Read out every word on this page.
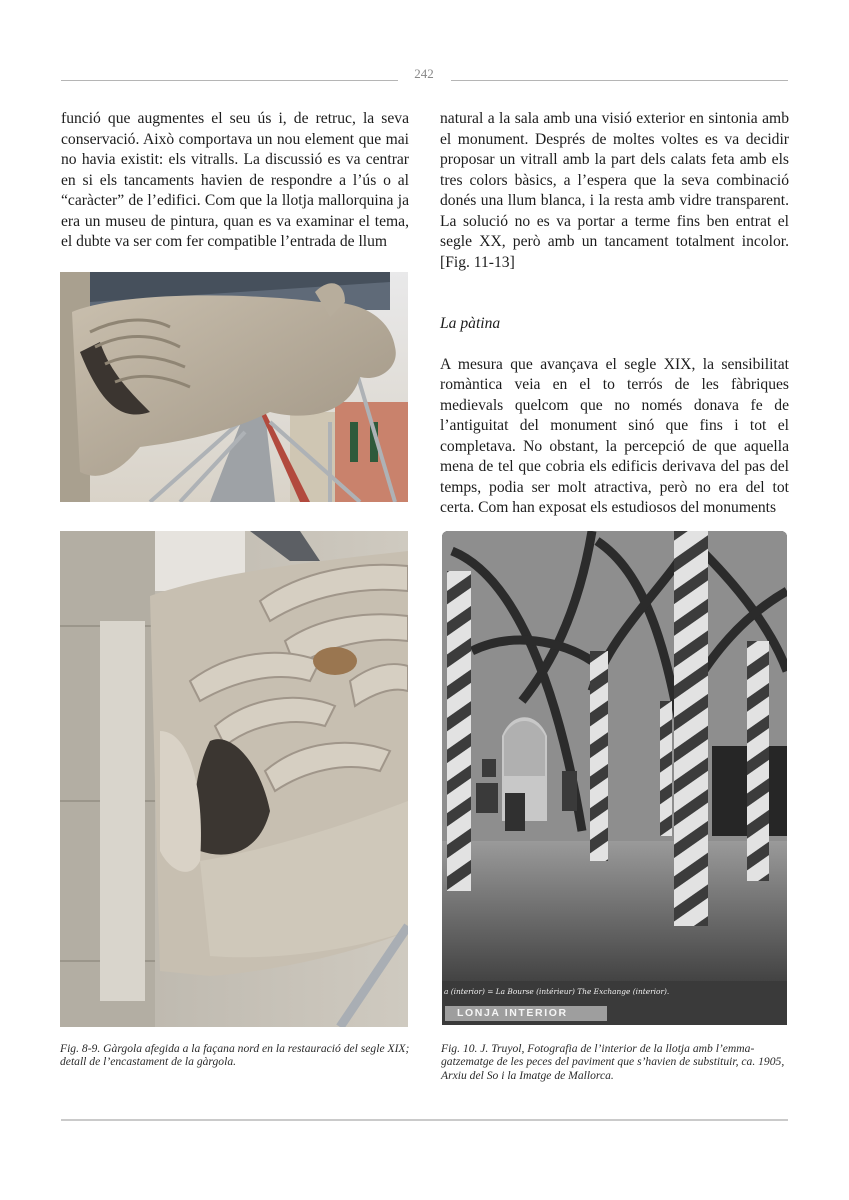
242

funció que augmentes el seu ús i, de retruc, la seva conservació. Això comportava un nou element que mai no havia existit: els vitralls. La discussió es va centrar en si els tancaments havien de respondre a l’ús o al “caràcter” de l’edifici. Com que la llotja mallorquina ja era un museu de pintura, quan es va examinar el tema, el dubte va ser com fer compatible l’entrada de llum

natural a la sala amb una visió exterior en sintonia amb el monument. Després de moltes voltes es va decidir proposar un vitrall amb la part dels calats feta amb els tres colors bàsics, a l’espera que la seva combinació donés una llum blanca, i la resta amb vidre transparent. La solució no es va portar a terme fins ben entrat el segle XX, però amb un tancament totalment incolor. [Fig. 11-13]

La pàtina

A mesura que avançava el segle XIX, la sensibilitat romàntica veia en el to terrós de les fàbriques medievals quelcom que no només donava fe de l’antiguitat del monument sinó que fins i tot el completava. No obstant, la percepció de que aquella mena de tel que cobria els edificis derivava del pas del temps, podia ser molt atractiva, però no era del tot certa. Com han exposat els estudiosos del monuments

Fig. 8-9. Gàrgola afegida a la façana nord en la restauració del segle XIX; detall de l’encastament de la gàrgola.
a (interior) = La Bourse (intérieur) The Exchange (interior).
LONJA INTERIOR
Fig. 10. J. Truyol, Fotografia de l’interior de la llotja amb l’emma-gatzematge de les peces del paviment que s’havien de substituir, ca. 1905, Arxiu del So i la Imatge de Mallorca.
